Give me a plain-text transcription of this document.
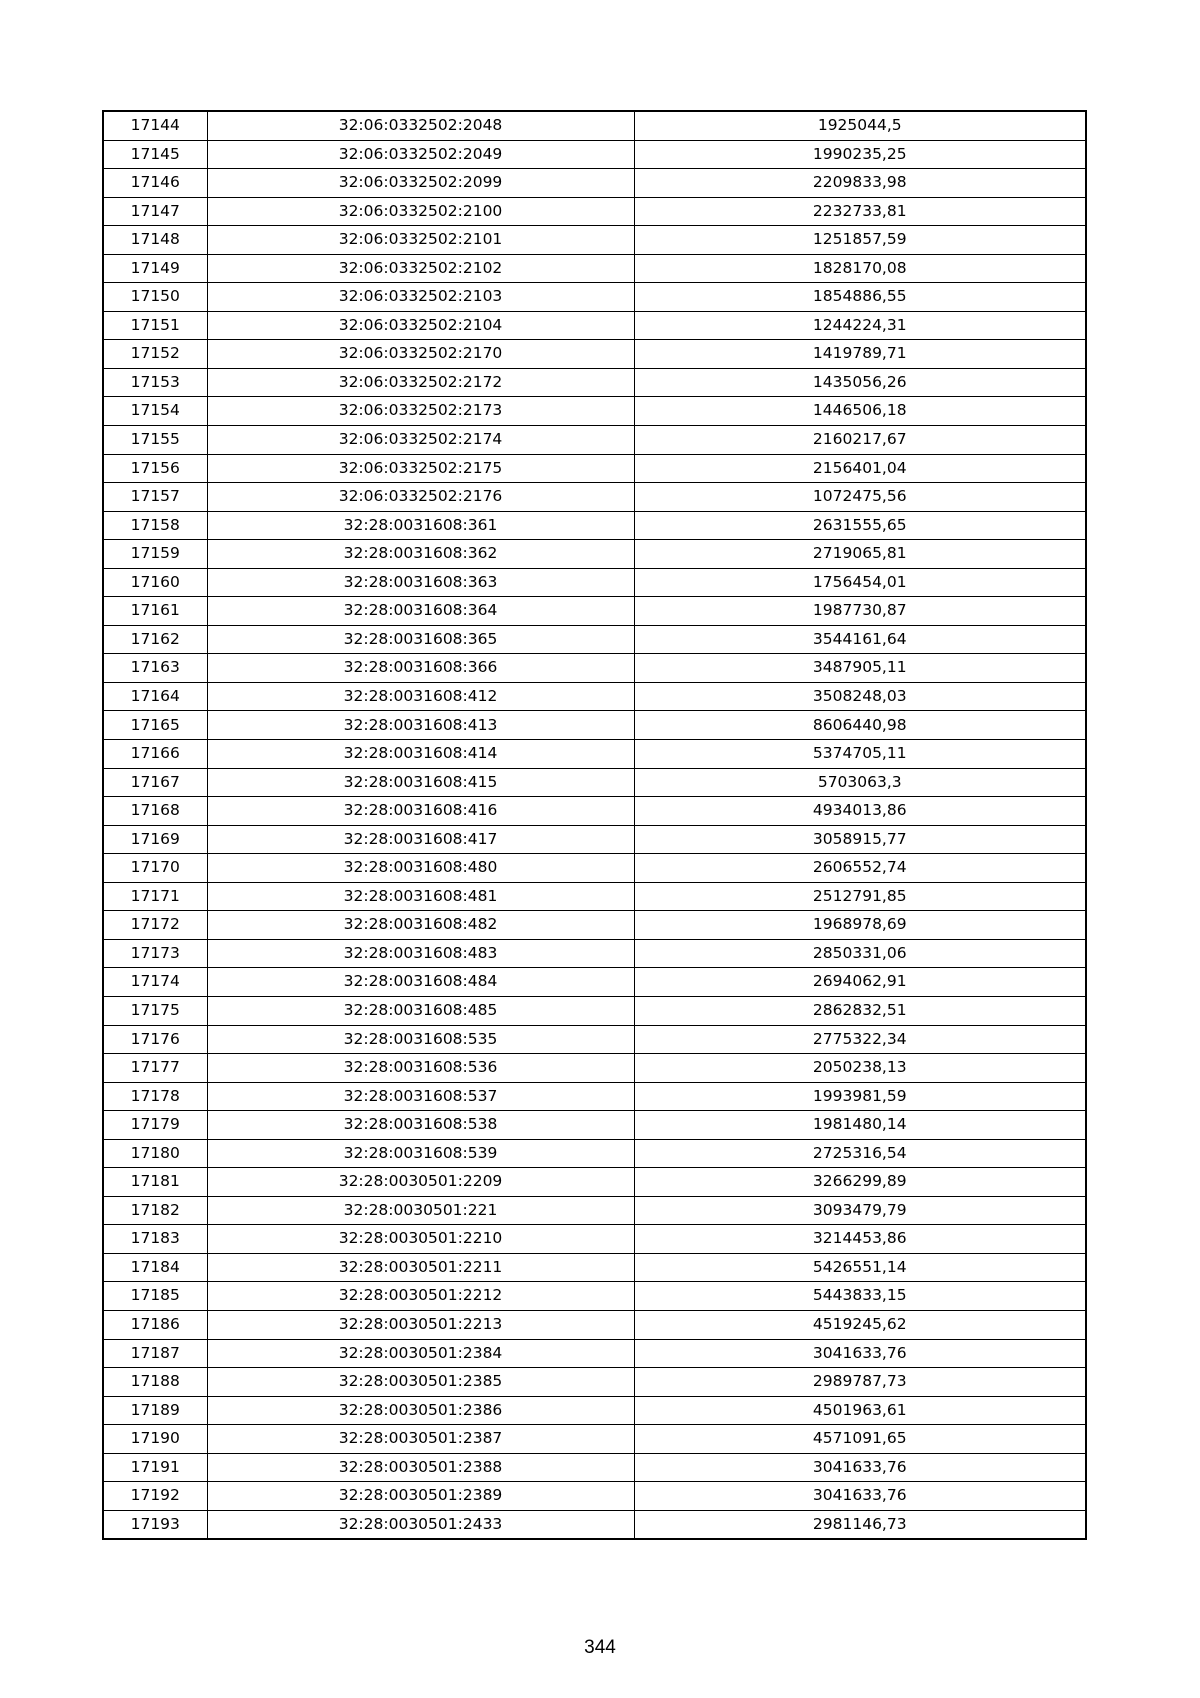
17144	32:06:0332502:2048	1925044,5
17145	32:06:0332502:2049	1990235,25
17146	32:06:0332502:2099	2209833,98
17147	32:06:0332502:2100	2232733,81
17148	32:06:0332502:2101	1251857,59
17149	32:06:0332502:2102	1828170,08
17150	32:06:0332502:2103	1854886,55
17151	32:06:0332502:2104	1244224,31
17152	32:06:0332502:2170	1419789,71
17153	32:06:0332502:2172	1435056,26
17154	32:06:0332502:2173	1446506,18
17155	32:06:0332502:2174	2160217,67
17156	32:06:0332502:2175	2156401,04
17157	32:06:0332502:2176	1072475,56
17158	32:28:0031608:361	2631555,65
17159	32:28:0031608:362	2719065,81
17160	32:28:0031608:363	1756454,01
17161	32:28:0031608:364	1987730,87
17162	32:28:0031608:365	3544161,64
17163	32:28:0031608:366	3487905,11
17164	32:28:0031608:412	3508248,03
17165	32:28:0031608:413	8606440,98
17166	32:28:0031608:414	5374705,11
17167	32:28:0031608:415	5703063,3
17168	32:28:0031608:416	4934013,86
17169	32:28:0031608:417	3058915,77
17170	32:28:0031608:480	2606552,74
17171	32:28:0031608:481	2512791,85
17172	32:28:0031608:482	1968978,69
17173	32:28:0031608:483	2850331,06
17174	32:28:0031608:484	2694062,91
17175	32:28:0031608:485	2862832,51
17176	32:28:0031608:535	2775322,34
17177	32:28:0031608:536	2050238,13
17178	32:28:0031608:537	1993981,59
17179	32:28:0031608:538	1981480,14
17180	32:28:0031608:539	2725316,54
17181	32:28:0030501:2209	3266299,89
17182	32:28:0030501:221	3093479,79
17183	32:28:0030501:2210	3214453,86
17184	32:28:0030501:2211	5426551,14
17185	32:28:0030501:2212	5443833,15
17186	32:28:0030501:2213	4519245,62
17187	32:28:0030501:2384	3041633,76
17188	32:28:0030501:2385	2989787,73
17189	32:28:0030501:2386	4501963,61
17190	32:28:0030501:2387	4571091,65
17191	32:28:0030501:2388	3041633,76
17192	32:28:0030501:2389	3041633,76
17193	32:28:0030501:2433	2981146,73
344
